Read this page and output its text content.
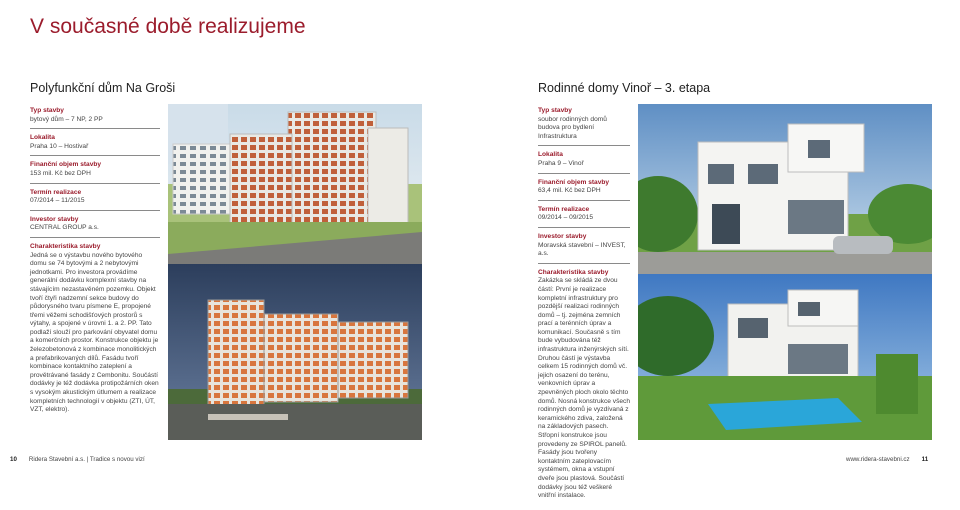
V současné době realizujeme
Polyfunkční dům Na Groši
Typ stavby
bytový dům – 7 NP, 2 PP
Lokalita
Praha 10 – Hostivař
Finanční objem stavby
153 mil. Kč bez DPH
Termín realizace
07/2014 – 11/2015
Investor stavby
CENTRAL GROUP a.s.
Charakteristika stavby
Jedná se o výstavbu nového bytového domu se 74 bytovými a 2 nebytovými jednotkami. Pro investora provádíme generální dodávku komplexní stavby na stávajícím nezastavěném pozemku. Objekt tvoří čtyři nadzemní sekce budovy do půdorysného tvaru písmene E, propojené třemi věžemi schodišťových prostorů s výtahy, a spojené v úrovni 1. a 2. PP. Tato podlaží slouží pro parkování obyvatel domu a komerčních prostor. Konstrukce objektu je železobetonová z kombinace monolitických a prefabrikovaných dílů. Fasádu tvoří kombinace kontaktního zateplení a provětrávané fasády z Cembonitu. Součástí dodávky je též dodávka protipožárních oken s vysokým akustickým útlumem a realizace kompletních technologií v objektu (ZTI, ÚT, VZT, elektro).
Rodinné domy Vinoř – 3. etapa
Typ stavby
soubor rodinných domů budova pro bydlení Infrastruktura
Lokalita
Praha 9 – Vinoř
Finanční objem stavby
63,4 mil. Kč bez DPH
Termín realizace
09/2014 – 09/2015
Investor stavby
Moravská stavební – INVEST, a.s.
Charakteristika stavby
Zakázka se skládá ze dvou částí: První je realizace kompletní infrastruktury pro pozdější realizaci rodinných domů – tj. zejména zemních prací a terénních úprav a komunikací. Současně s tím bude vybudována též infrastruktura inženýrských sítí. Druhou částí je výstavba celkem 15 rodinných domů vč. jejich osazení do terénu, venkovních úprav a zpevněných ploch okolo těchto domů. Nosná konstrukce všech rodinných domů je vyzdívaná z keramického zdiva, založená na základových pasech. Střopní konstrukce jsou provedeny ze SPIROL panelů. Fasády jsou tvořeny kontaktním zateplovacím systémem, okna a vstupní dveře jsou plastová. Součástí dodávky jsou též veškeré vnitřní instalace.
10 Ridera Stavební a.s. | Tradice s novou vizí	www.ridera-stavebni.cz 11
